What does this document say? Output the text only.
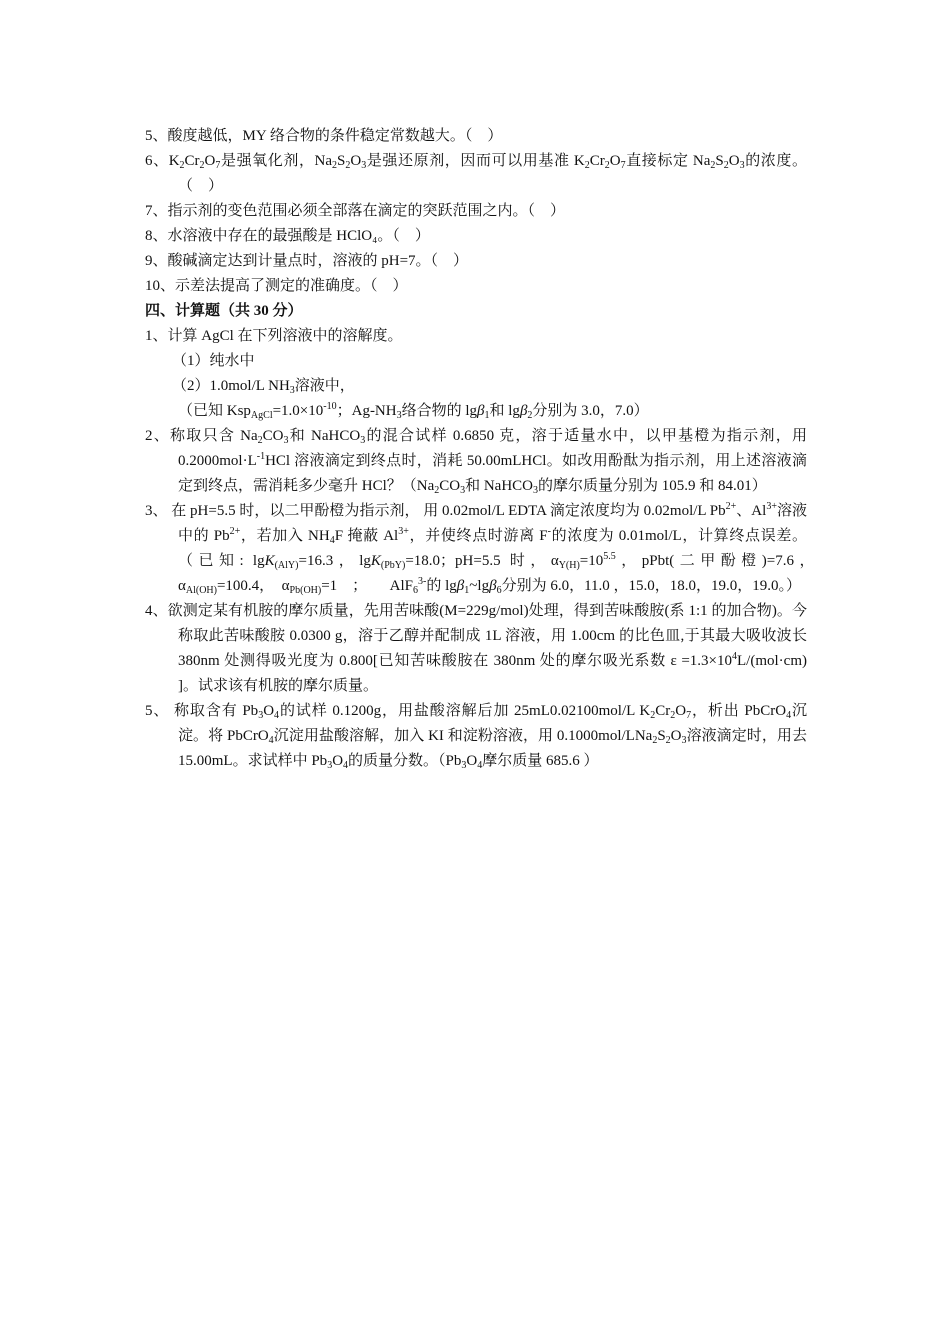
5、酸度越低，MY 络合物的条件稳定常数越大。（　）
6、$K_2Cr_2O_7$是强氧化剂，$Na_2S_2O_3$是强还原剂，因而可以用基准 $K_2Cr_2O_7$直接标定 $Na_2S_2O_3$的浓度。（　）
7、指示剂的变色范围必须全部落在滴定的突跃范围之内。（　）
8、水溶液中存在的最强酸是 HClO₄。（　）
9、酸碱滴定达到计量点时，溶液的 pH=7。（　）
10、示差法提高了测定的准确度。（　）
四、计算题（共 30 分）
1、计算 AgCl 在下列溶液中的溶解度。
（1）纯水中
（2）1.0mol/L $NH_3$溶液中，
（已知 $Ksp_{AgCl}=1.0\times 10^{-10}$；$Ag-NH_3$络合物的 lgβ$_1$和 lgβ$_2$分别为 3.0，7.0）
2、称取只含 $Na_2CO_3$和 NaHCO$_3$的混合试样 0.6850 克，溶于适量水中，以甲基橙为指示剂，用 $0.2000mol\cdot L^{-1}HCl$ 溶液滴定到终点时，消耗 50.00mLHCl。如改用酚酞为指示剂，用上述溶液滴定到终点，需消耗多少毫升 HCl？（$Na_2CO_3$和 NaHCO$_3$的摩尔质量分别为 105.9 和 84.01）
3、 在 pH=5.5 时，以二甲酚橙为指示剂， 用 0.02mol/L EDTA 滴定浓度均为 0.02mol/L $Pb^{2+}$、$Al^{3+}$溶液中的 $Pb^{2+}$，若加入 $NH_4F$ 掩蔽 $Al^{3+}$，并使终点时游离 F-的浓度为 0.01mol/L，计算终点误差。 （已知: lgK$_{(AlY)}$=16.3，lgK$_{(PbY)}$=18.0；pH=5.5 时，$\alpha_{Y(H)}=10^{5.5}$，pPbt(二甲酚橙)=7.6，　$\alpha_{Al(OH)}=100.4$，　$\alpha_{Pb(OH)}=1$　；　　AlF$_6^{3-}$的 lgβ$_1$~lgβ$_6$分别为 6.0，11.0 ，15.0，18.0，19.0，19.0。）
4、欲测定某有机胺的摩尔质量，先用苦味酸(M=229g/mol)处理，得到苦味酸胺(系 1:1 的加合物)。今称取此苦味酸胺 0.0300 g，溶于乙醇并配制成 1L 溶液，用 1.00cm 的比色皿,于其最大吸收波长 380nm 处测得吸光度为 0.800[已知苦味酸胺在 380nm 处的摩尔吸光系数 $\varepsilon =1.3\times 10^4L/(mol\cdot cm)$ ]。试求该有机胺的摩尔质量。
5、 称取含有 $Pb_3O_4$的试样 0.1200g，用盐酸溶解后加 25mL0.02100mol/L $K_2Cr_2O_7$，析出 PbCrO$_4$沉淀。将 PbCrO$_4$沉淀用盐酸溶解，加入 KI 和淀粉溶液，用 $0.1000mol/LNa_2S_2O_3$溶液滴定时，用去 15.00mL。求试样中 $Pb_3O_4$的质量分数。（$Pb_3O_4$摩尔质量 685.6 ）
